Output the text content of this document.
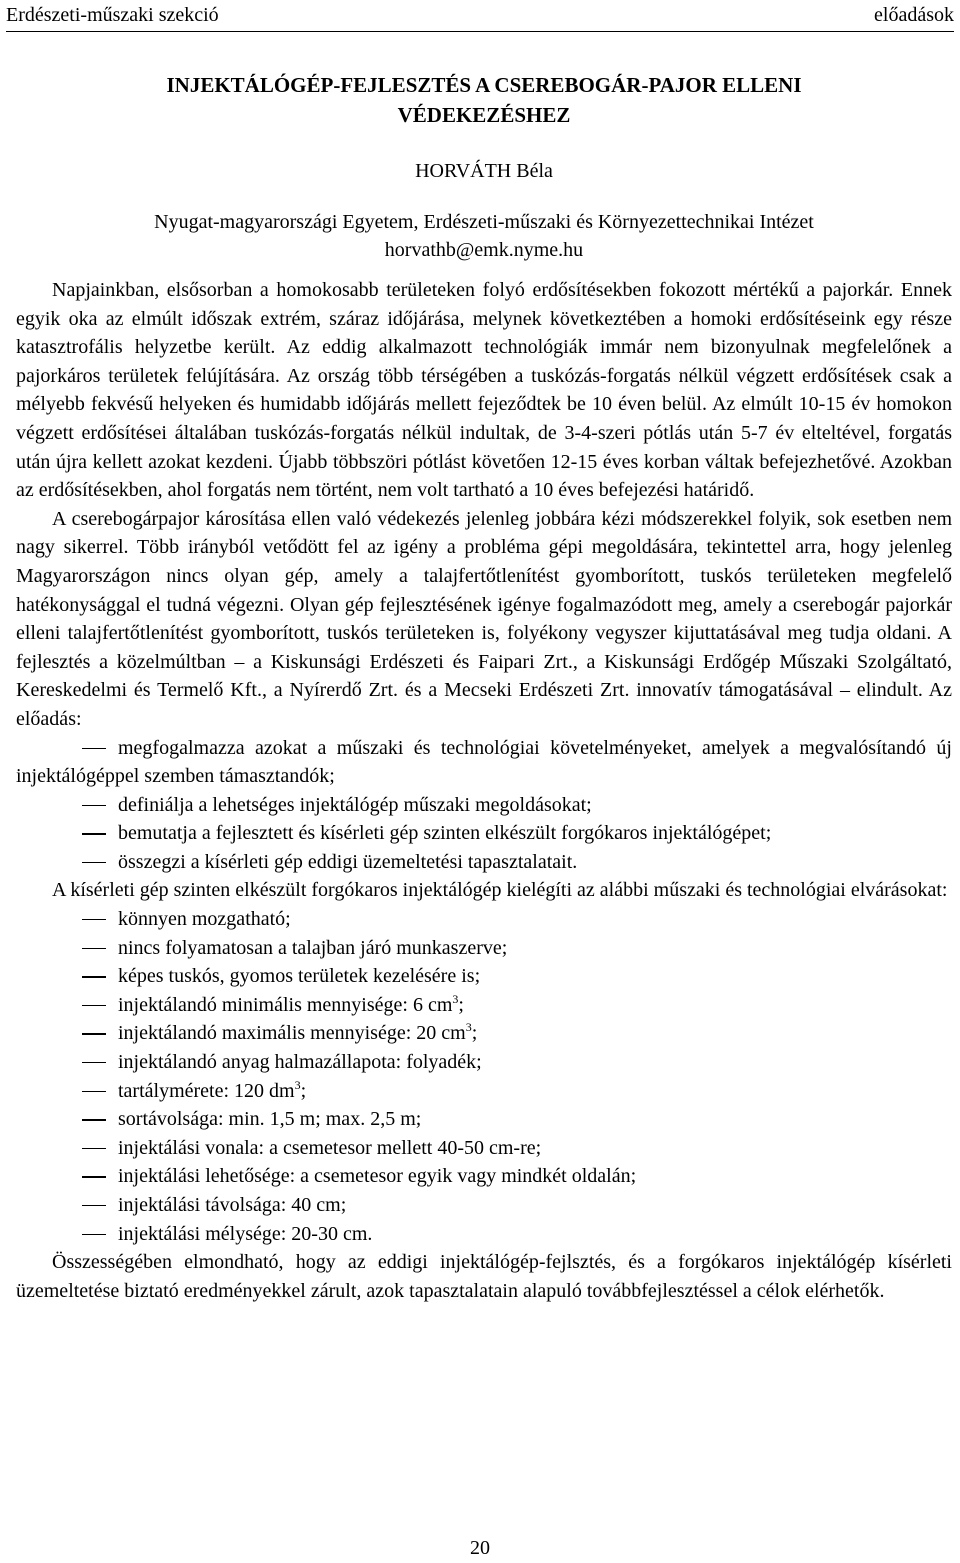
Erdészeti-műszaki szekció	előadások
INJEKTÁLÓGÉP-FEJLESZTÉS A CSEREBOGÁR-PAJOR ELLENI
VÉDEKEZÉSHEZ
HORVÁTH Béla
Nyugat-magyarországi Egyetem, Erdészeti-műszaki és Környezettechnikai Intézet
horvathb@emk.nyme.hu

Napjainkban, elsősorban a homokosabb területeken folyó erdősítésekben fokozott mértékű a pajorkár. Ennek egyik oka az elmúlt időszak extrém, száraz időjárása, melynek következtében a homoki erdősítéseink egy része katasztrofális helyzetbe került. Az eddig alkalmazott technológiák immár nem bizonyulnak megfelelőnek a pajorkáros területek felújítására. Az ország több térségében a tuskózás-forgatás nélkül végzett erdősítések csak a mélyebb fekvésű helyeken és humidabb időjárás mellett fejeződtek be 10 éven belül. Az elmúlt 10-15 év homokon végzett erdősítései általában tuskózás-forgatás nélkül indultak, de 3-4-szeri pótlás után 5-7 év elteltével, forgatás után újra kellett azokat kezdeni. Újabb többszöri pótlást követően 12-15 éves korban váltak befejezhetővé. Azokban az erdősítésekben, ahol forgatás nem történt, nem volt tartható a 10 éves befejezési határidő.

A cserebogárpajor károsítása ellen való védekezés jelenleg jobbára kézi módszerekkel folyik, sok esetben nem nagy sikerrel. Több irányból vetődött fel az igény a probléma gépi megoldására, tekintettel arra, hogy jelenleg Magyarországon nincs olyan gép, amely a talajfertőtlenítést gyomborított, tuskós területeken megfelelő hatékonysággal el tudná végezni. Olyan gép fejlesztésének igénye fogalmazódott meg, amely a cserebogár pajorkár elleni talajfertőtlenítést gyomborított, tuskós területeken is, folyékony vegyszer kijuttatásával meg tudja oldani. A fejlesztés a közelmúltban – a Kiskunsági Erdészeti és Faipari Zrt., a Kiskunsági Erdőgép Műszaki Szolgáltató, Kereskedelmi és Termelő Kft., a Nyírerdő Zrt. és a Mecseki Erdészeti Zrt. innovatív támogatásával – elindult. Az előadás:

megfogalmazza azokat a műszaki és technológiai követelményeket, amelyek a megvalósítandó új injektálógéppel szemben támasztandók;
definiálja a lehetséges injektálógép műszaki megoldásokat;
bemutatja a fejlesztett és kísérleti gép szinten elkészült forgókaros injektálógépet;
összegzi a kísérleti gép eddigi üzemeltetési tapasztalatait.

A kísérleti gép szinten elkészült forgókaros injektálógép kielégíti az alábbi műszaki és technológiai elvárásokat:

könnyen mozgatható;
nincs folyamatosan a talajban járó munkaszerve;
képes tuskós, gyomos területek kezelésére is;
injektálandó minimális mennyisége: 6 $cm^3$;
injektálandó maximális mennyisége: 20 $cm^3$;
injektálandó anyag halmazállapota: folyadék;
tartálymérete: 120 $dm^3$;
sortávolsága: min. 1,5 m; max. 2,5 m;
injektálási vonala: a csemetesor mellett 40-50 cm-re;
injektálási lehetősége: a csemetesor egyik vagy mindkét oldalán;
injektálási távolsága: 40 cm;
injektálási mélysége: 20-30 cm.

Összességében elmondható, hogy az eddigi injektálógép-fejlsztés, és a forgókaros injektálógép kísérleti üzemeltetése biztató eredményekkel zárult, azok tapasztalatain alapuló továbbfejlesztéssel a célok elérhetők.

20
